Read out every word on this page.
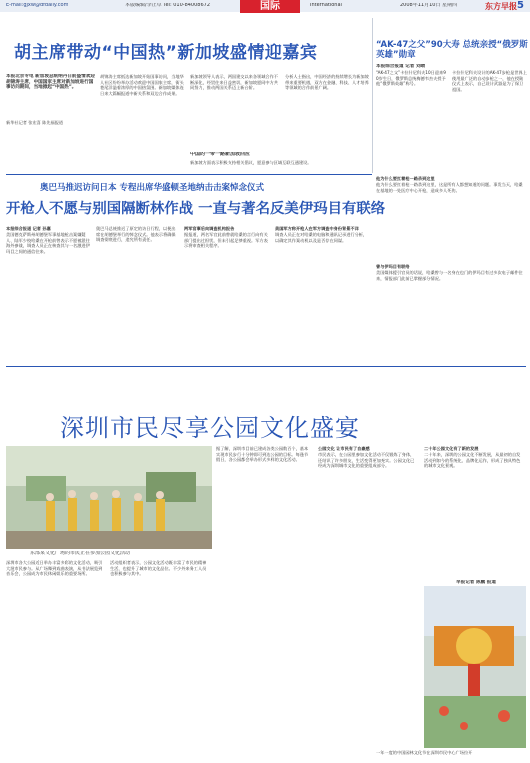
E-mail:gjxw@dfdaily.com	本版编辑/李正卓 Tel: 010-84008672	国际	International	2008年11月10日 星期四	东方早报 5
胡主席带动“中国热”新加坡盛情迎嘉宾
本报北京专电 新加坡总统纳丹日前盛情欢迎胡锦涛主席，中国国家主席对新加坡进行国事访问期间，当地掀起“中国热”。
新华社记者 张宏喜 陈先福报道
胡锦涛主席抵达新加坡开始国事访问，当地华人社区纷纷举办活动欢迎中国国家主席，街头巷尾洋溢着浓厚的中国热氛围。新加坡媒体连日来大篇幅报道中新关系和双边合作成果。
新加坡领导人表示，两国建交以来各领域合作不断深化，经贸往来日益密切，新加坡愿同中方共同努力，推动两国关系迈上新台阶。
分析人士指出，中国经济的持续增长为新加坡带来重要机遇，双方在金融、科技、人才培养等领域的合作前景广阔。
中国的一带一路新加坡回应
新加坡方面表示积极支持相关倡议，愿意参与区域互联互通建设。
“AK-47之父”90大寿 总统亲授“俄罗斯英雄”勋章
本报综合报道 记者 刘晴
“AK-47之父”卡拉什尼科夫10日迎来90岁生日，俄罗斯总统梅德韦杰夫授予他“俄罗斯英雄”称号。
卡拉什尼科夫设计的AK-47步枪是世界上使用最广泛的自动步枪之一，他在授勋仪式上表示，自己设计武器是为了保卫祖国。
奥巴马推迟访问日本 专程出席华盛顿圣地纳击击案悼念仪式
开枪人不愿与别国隔断林作战 一直与著名反美伊玛目有联络
本报综合报道 记者 孙嘉
美国德克萨斯州胡德堡军事基地枪击案嫌疑人、陆军少校哈桑在开枪前曾表示不愿被派往海外参战，调查人员正在核查其与一名激进伊玛目之间的通信往来。
奥巴马总统推迟了原定的访日行程，以便出席在胡德堡举行的悼念仪式。他表示将确保调查彻底进行，追究所有责任。
两军官事后向调查机构报告
据报道，两名军官此前曾就哈桑的言行向有关部门提出过担忧，但未引起足够重视。军方表示将审查相关程序。
美国军方称开枪人在军方调查中身份背景不详
调查人员正在对哈桑的电脑和通讯记录进行分析，以确定其作案动机以及是否存在同谋。
他为什么要扛着枪一路杀到这里
他为什么要扛着枪一路杀到这里，这是所有人都想知道的问题。事发当天，哈桑在基地的一处医疗中心开枪，造成多人死伤。
曾与伊玛目有联络
美国媒体援引官员的话说，哈桑曾与一名身在也门的伊玛目有过多次电子邮件往来，情报部门此前已掌握部分情况。
深圳市民尽享公园文化盛宴
东部某文化广场的市民正在参加公园文化活动
深圳市各大公园近日举办丰富多彩的文化活动，吸引大批市民参与。从广场舞到戏曲表演，从书法展览到音乐会，公园成为市民休闲娱乐的重要场所。
活动组织者表示，公园文化活动既丰富了市民的精神生活，也提升了城市的文化品位。不少外来务工人员也积极参与其中。
据了解，深圳市目前已建成各类公园数百个，基本实现市民步行十分钟即可到达公园的目标。每逢节假日，各公园都会举办形式多样的文化活动。
公园文化 让市民有了自豪感
市民表示，在公园里参加文化活动不仅锻炼了身体，还结识了许多朋友，生活变得更加充实。公园文化已经成为深圳城市文化的重要组成部分。
二十年公园文化有了新的发展
二十年来，深圳的公园文化不断发展，从最初的自发活动到如今的系统化、品牌化运作，形成了独具特色的城市文化景观。
早报记者 陈鹏 报道
一年一度的中国园林文化节在深圳市民中心广场拉开
